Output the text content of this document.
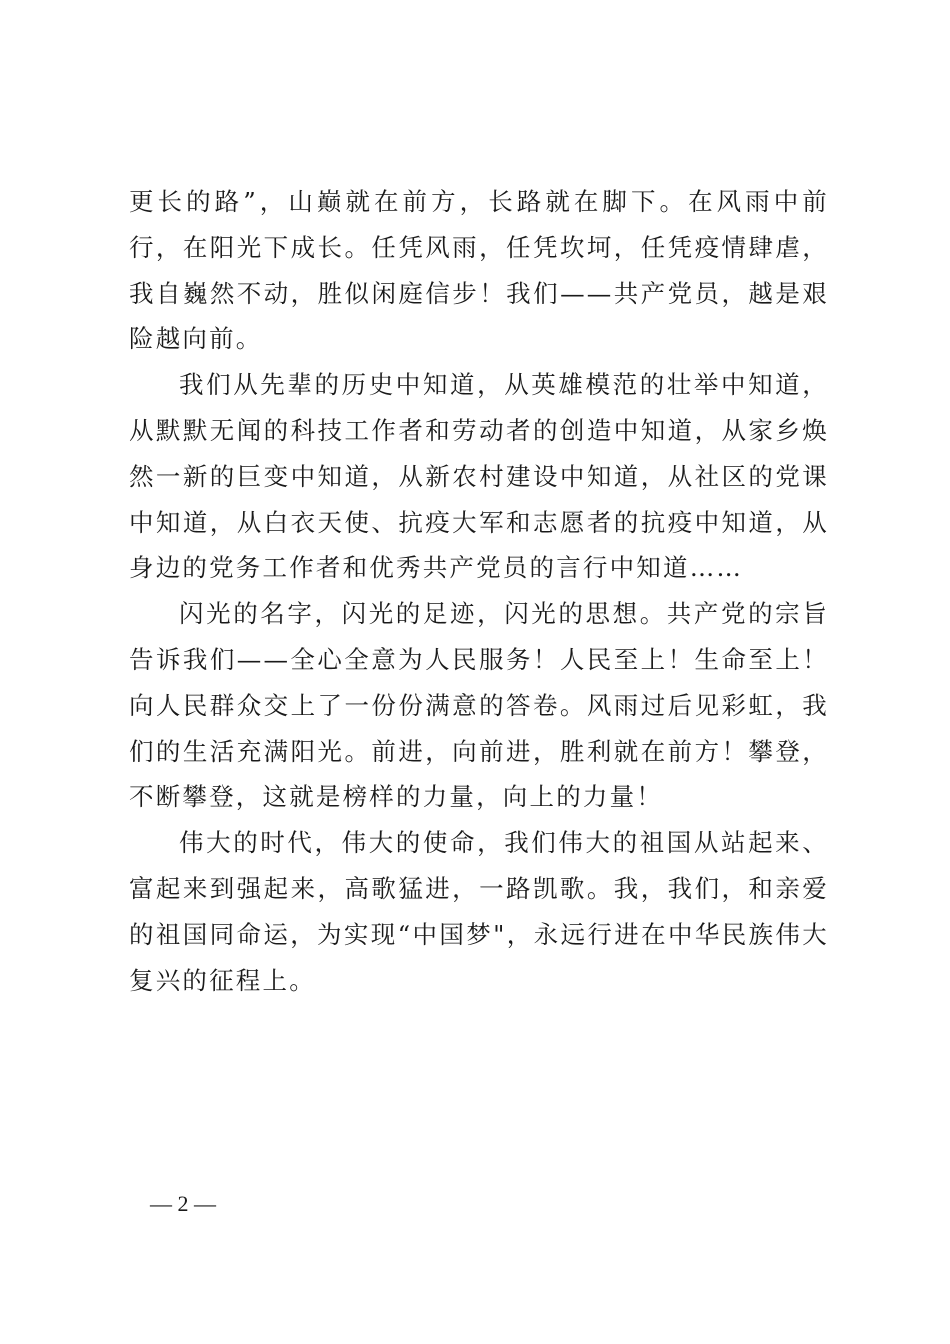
更长的路”，山巅就在前方，长路就在脚下。在风雨中前行，在阳光下成长。任凭风雨，任凭坎坷，任凭疫情肆虐，我自巍然不动，胜似闲庭信步！我们——共产党员，越是艰险越向前。

我们从先辈的历史中知道，从英雄模范的壮举中知道，从默默无闻的科技工作者和劳动者的创造中知道，从家乡焕然一新的巨变中知道，从新农村建设中知道，从社区的党课中知道，从白衣天使、抗疫大军和志愿者的抗疫中知道，从身边的党务工作者和优秀共产党员的言行中知道……

闪光的名字，闪光的足迹，闪光的思想。共产党的宗旨告诉我们——全心全意为人民服务！人民至上！生命至上！向人民群众交上了一份份满意的答卷。风雨过后见彩虹，我们的生活充满阳光。前进，向前进，胜利就在前方！攀登，不断攀登，这就是榜样的力量，向上的力量！

伟大的时代，伟大的使命，我们伟大的祖国从站起来、富起来到强起来，高歌猛进，一路凯歌。我，我们，和亲爱的祖国同命运，为实现“中国梦"，永远行进在中华民族伟大复兴的征程上。

— 2 —
